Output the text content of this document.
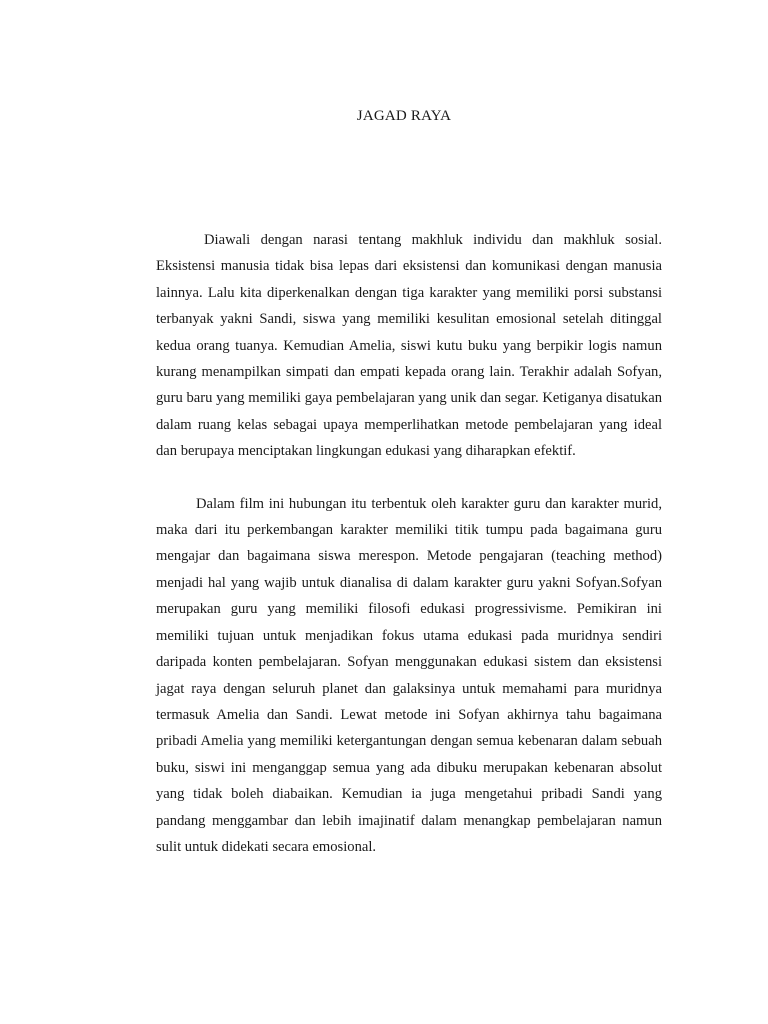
JAGAD RAYA

Diawali dengan narasi tentang makhluk individu dan makhluk sosial. Eksistensi manusia tidak bisa lepas dari eksistensi dan komunikasi dengan manusia lainnya. Lalu kita diperkenalkan dengan tiga karakter yang memiliki porsi substansi terbanyak yakni Sandi, siswa yang memiliki kesulitan emosional setelah ditinggal kedua orang tuanya. Kemudian Amelia, siswi kutu buku yang berpikir logis namun kurang menampilkan simpati dan empati kepada orang lain. Terakhir adalah Sofyan, guru baru yang memiliki gaya pembelajaran yang unik dan segar. Ketiganya disatukan dalam ruang kelas sebagai upaya memperlihatkan metode pembelajaran yang ideal dan berupaya menciptakan lingkungan edukasi yang diharapkan efektif.

Dalam film ini hubungan itu terbentuk oleh karakter guru dan karakter murid, maka dari itu perkembangan karakter memiliki titik tumpu pada bagaimana guru mengajar dan bagaimana siswa merespon. Metode pengajaran (teaching method) menjadi hal yang wajib untuk dianalisa di dalam karakter guru yakni Sofyan.Sofyan merupakan guru yang memiliki filosofi edukasi progressivisme. Pemikiran ini memiliki tujuan untuk menjadikan fokus utama edukasi pada muridnya sendiri daripada konten pembelajaran. Sofyan menggunakan edukasi sistem dan eksistensi jagat raya dengan seluruh planet dan galaksinya untuk memahami para muridnya termasuk Amelia dan Sandi. Lewat metode ini Sofyan akhirnya tahu bagaimana pribadi Amelia yang memiliki ketergantungan dengan semua kebenaran dalam sebuah buku, siswi ini menganggap semua yang ada dibuku merupakan kebenaran absolut yang tidak boleh diabaikan. Kemudian ia juga mengetahui pribadi Sandi yang pandang menggambar dan lebih imajinatif dalam menangkap pembelajaran namun sulit untuk didekati secara emosional.
